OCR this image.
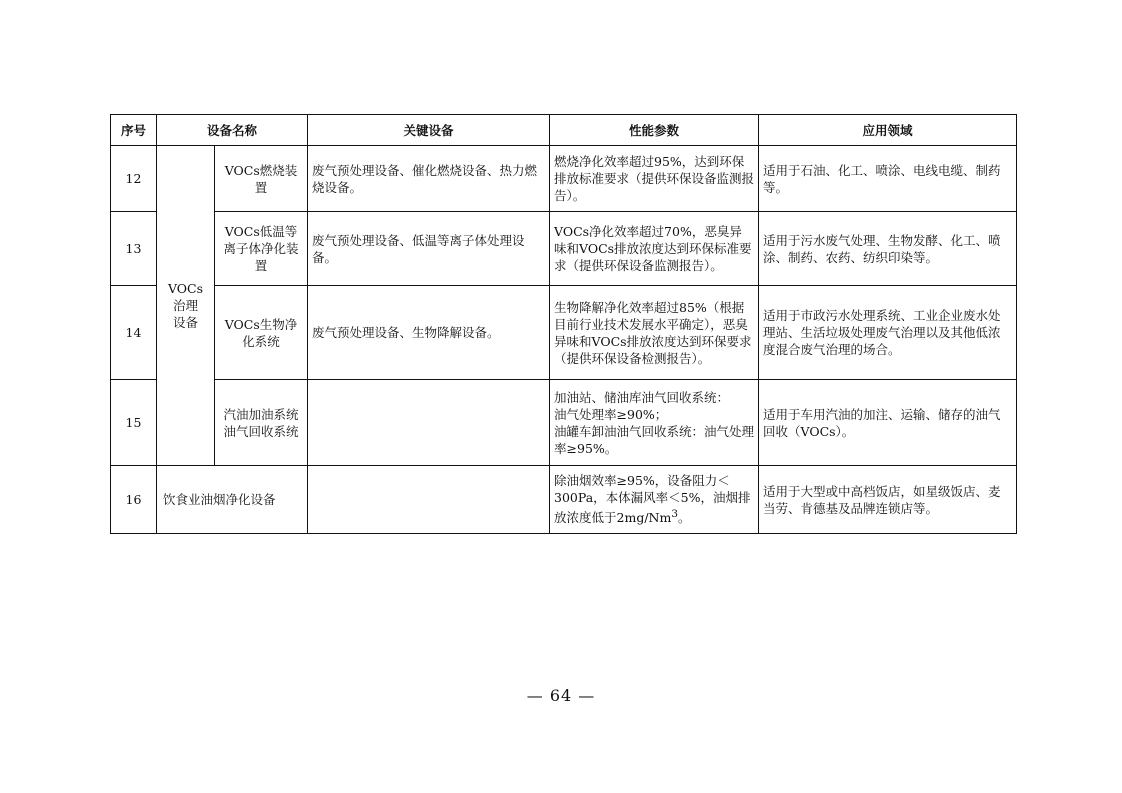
序号	设备名称		关键设备	性能参数	应用领域
12	VOCs治理设备	VOCs燃烧装置	废气预处理设备、催化燃烧设备、热力燃烧设备。	燃烧净化效率超过95%，达到环保排放标准要求（提供环保设备监测报告）。	适用于石油、化工、喷涂、电线电缆、制药等。
13		VOCs低温等离子体净化装置	废气预处理设备、低温等离子体处理设备。	VOCs净化效率超过70%，恶臭异味和VOCs排放浓度达到环保标准要求（提供环保设备监测报告）。	适用于污水废气处理、生物发酵、化工、喷涂、制药、农药、纺织印染等。
14		VOCs生物净化系统	废气预处理设备、生物降解设备。	生物降解净化效率超过85%（根据目前行业技术发展水平确定），恶臭异味和VOCs排放浓度达到环保要求（提供环保设备检测报告）。	适用于市政污水处理系统、工业企业废水处理站、生活垃圾处理废气治理以及其他低浓度混合废气治理的场合。
15		汽油加油系统油气回收系统		加油站、储油库油气回收系统：
油气处理率≥90%；
油罐车卸油油气回收系统：油气处理率≥95%。	适用于车用汽油的加注、运输、储存的油气回收（VOCs）。
16	饮食业油烟净化设备			除油烟效率≥95%，设备阻力＜300Pa，本体漏风率＜5%，油烟排放浓度低于2mg/Nm$^3$。	适用于大型或中高档饭店，如星级饭店、麦当劳、肯德基及品牌连锁店等。
— 64 —
